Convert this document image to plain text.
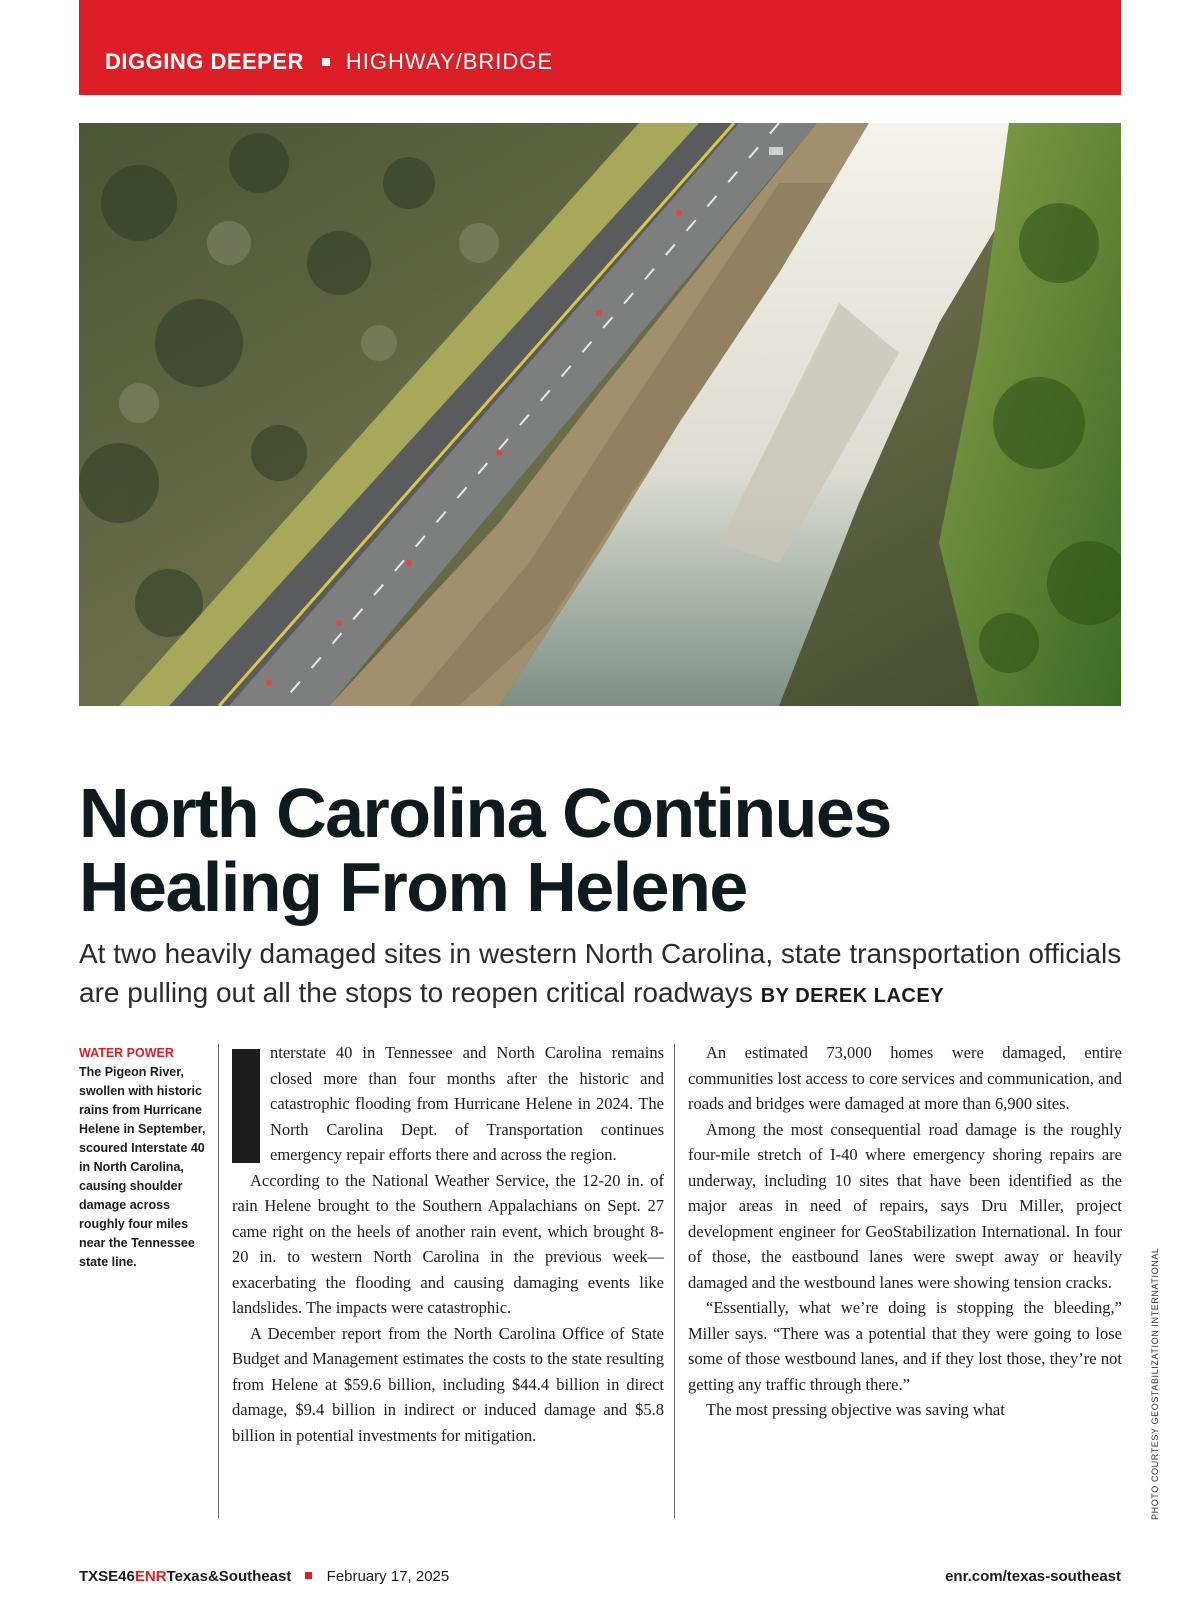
DIGGING DEEPER HIGHWAY/BRIDGE
North Carolina Continues
Healing From Helene

At two heavily damaged sites in western North Carolina, state transportation officials are pulling out all the stops to reopen critical roadways BY DEREK LACEY

WATER POWER
The Pigeon River, swollen with historic rains from Hurricane Helene in September, scoured Interstate 40 in North Carolina, causing shoulder damage across roughly four miles near the Tennessee state line.

nterstate 40 in Tennessee and North Carolina remains closed more than four months after the historic and catastrophic flooding from Hurricane Helene in 2024. The North Carolina Dept. of Transportation continues emergency repair efforts there and across the region.

According to the National Weather Service, the 12-20 in. of rain Helene brought to the Southern Appalachians on Sept. 27 came right on the heels of another rain event, which brought 8-20 in. to western North Carolina in the previous week—exacerbating the flooding and causing damaging events like landslides. The impacts were catastrophic.

A December report from the North Carolina Office of State Budget and Management estimates the costs to the state resulting from Helene at $59.6 billion, including $44.4 billion in direct damage, $9.4 billion in indirect or induced damage and $5.8 billion in potential investments for mitigation.

An estimated 73,000 homes were damaged, entire communities lost access to core services and communication, and roads and bridges were damaged at more than 6,900 sites.

Among the most consequential road damage is the roughly four-mile stretch of I-40 where emergency shoring repairs are underway, including 10 sites that have been identified as the major areas in need of repairs, says Dru Miller, project development engineer for GeoStabilization International. In four of those, the eastbound lanes were swept away or heavily damaged and the westbound lanes were showing tension cracks.

“Essentially, what we’re doing is stopping the bleeding,” Miller says. “There was a potential that they were going to lose some of those westbound lanes, and if they lost those, they’re not getting any traffic through there.”

The most pressing objective was saving what	PHOTO COURTESY GEOSTABILIZATION INTERNATIONAL
TXSE46ENRTexas&Southeast February 17, 2025	enr.com/texas-southeast
